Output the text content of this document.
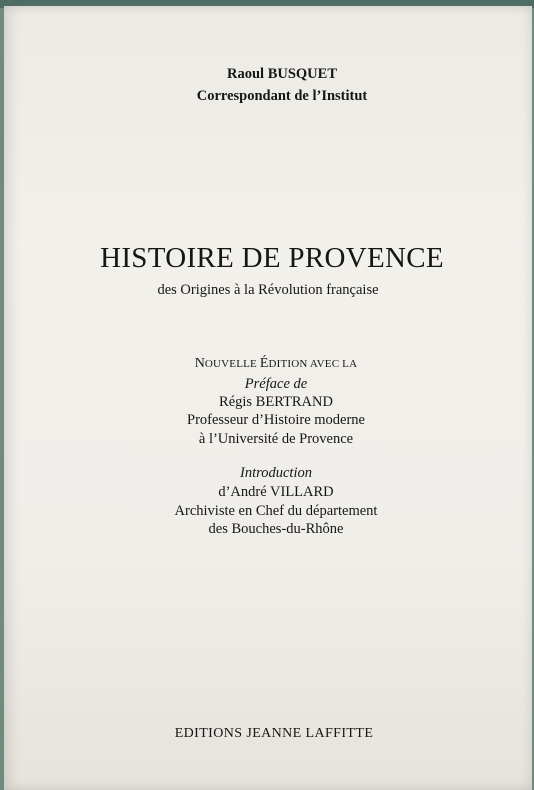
Raoul BUSQUET
Correspondant de l’Institut
HISTOIRE DE PROVENCE
des Origines à la Révolution française
NOUVELLE ÉDITION AVEC LA
Préface de
Régis BERTRAND
Professeur d’Histoire moderne
à l’Université de Provence
Introduction
d’André VILLARD
Archiviste en Chef du département
des Bouches-du-Rhône
EDITIONS JEANNE LAFFITTE
